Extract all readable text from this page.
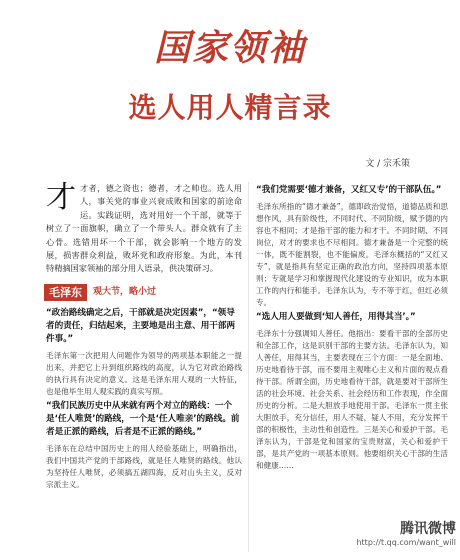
国家领袖
选人用人精言录
文 / 宗禾策

才 才者，德之资也；德者，才之帅也。选人用人，事关党的事业兴衰成败和国家的前途命运。实践证明，选对用好一个干部，就等于树立了一面旗帜，确立了一个带头人。群众就有了主心骨。选错用坏一个干部，就会影响一个地方的发展，损害群众利益，败坏党和政府形象。为此，本刊特精摘国家领袖的部分用人语录，供决策研习。

毛泽东	观大节，略小过

“政治路线确定之后，干部就是决定因素”，“领导者的责任，归结起来，主要地是出主意、用干部两件事。”

毛泽东第一次把用人问题作为领导的两项基本职能之一提出来，并把它上升到组织路线的高度，认为它对政治路线的执行具有决定的意义。这是毛泽东用人观的一大特征，也是他毕生用人观实践的真实写照。

“我们民族历史中从来就有两个对立的路线：一个是‘任人唯贤’的路线，一个是‘任人唯亲’的路线。前者是正派的路线，后者是不正派的路线。”

毛泽东在总结中国历史上的用人经验基础上，明确指出，我们中国共产党的干部路线，就是任人唯贤的路线。他认为坚持任人唯贤，必须搞五湖四海，反对山头主义，反对宗派主义。

“我们党需要‘德才兼备，又红又专’的干部队伍。”

毛泽东所指的“德才兼备”，德即政治觉悟，道德品质和思想作风，具有阶级性，不同时代、不同阶级，赋予德的内容也不相同；才是指干部的能力和才干。不同时期、不同岗位，对才的要求也不尽相同。德才兼备是一个完整的统一体，既不能割裂，也不能偏废。毛泽东概括的“又红又专”，就是指具有坚定正确的政治方向，坚持四项基本原则；专就是学习和掌握现代化建设的专业知识，成为本职工作的内行和能手。毛泽东认为，专不等于红，但红必须专。

“选人用人要做到‘知人善任，用得其当’。”

毛泽东十分强调知人善任。他指出：要看干部的全部历史和全部工作，这是识别干部的主要方法。毛泽东认为，知人善任，用得其当，主要表现在三个方面：一是全面地、历史地看待干部，而不要用主观唯心主义和片面的观点看待干部。所谓全面，历史地看待干部，就是要对干部所生活的社会环境、社会关系、社会经历和工作表现，作全面历史的分析。二是大胆放手地使用干部。毛泽东一贯主张大胆放手，充分信任，用人不疑，疑人不用，充分发挥干部的积极性，主动性和创造性。三是关心和爱护干部。毛泽东认为，干部是党和国家的宝贵财富，关心和爱护干部，是共产党的一项基本原则。他要组织关心干部的生活和健康……

腾讯微博
http://t.qq.com/want_will
